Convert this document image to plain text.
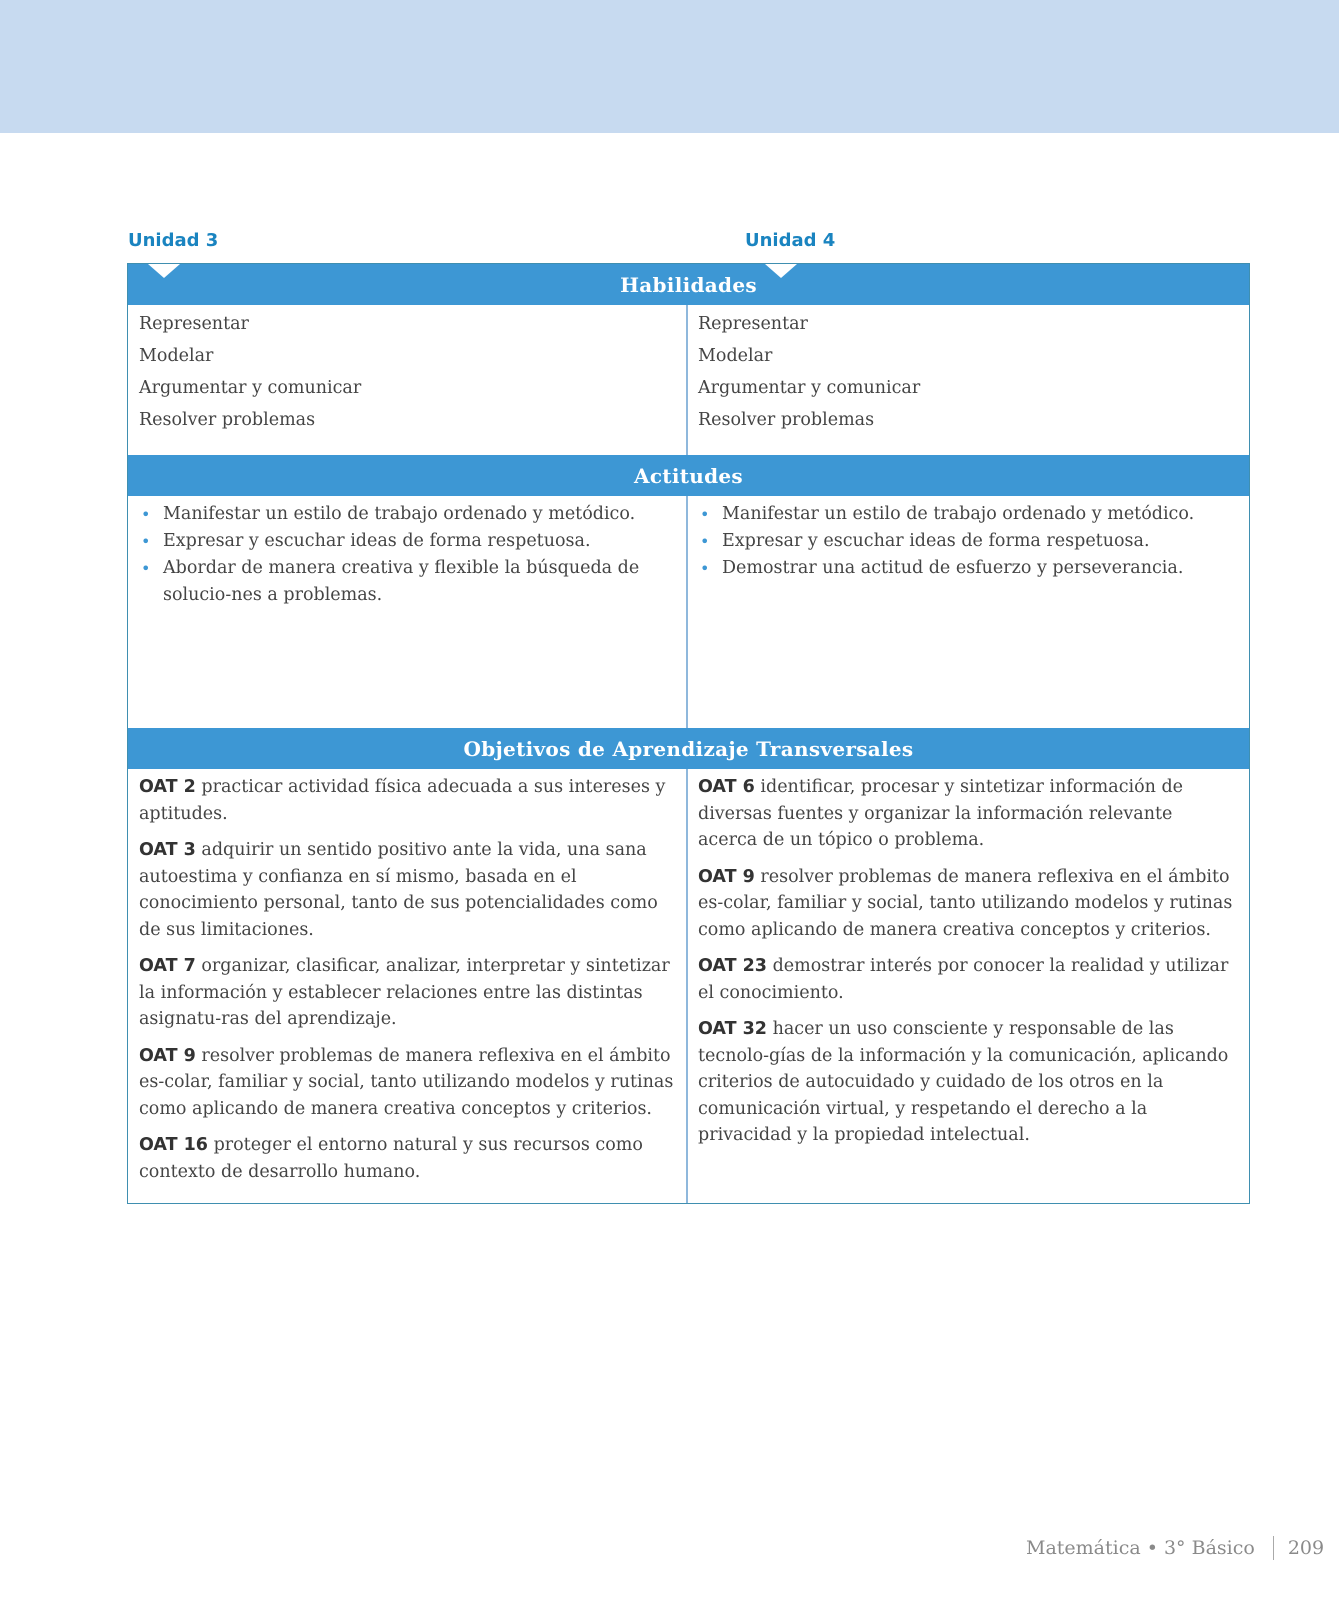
Unidad 3	Unidad 4
Habilidades
Representar
Modelar
Argumentar y comunicar
Resolver problemas
Representar
Modelar
Argumentar y comunicar
Resolver problemas
Actitudes
• Manifestar un estilo de trabajo ordenado y metódico.
• Expresar y escuchar ideas de forma respetuosa.
• Abordar de manera creativa y flexible la búsqueda de solucio-nes a problemas.
• Manifestar un estilo de trabajo ordenado y metódico.
• Expresar y escuchar ideas de forma respetuosa.
• Demostrar una actitud de esfuerzo y perseverancia.
Objetivos de Aprendizaje Transversales

OAT 2 practicar actividad física adecuada a sus intereses y aptitudes.

OAT 3 adquirir un sentido positivo ante la vida, una sana autoestima y confianza en sí mismo, basada en el conocimiento personal, tanto de sus potencialidades como de sus limitaciones.

OAT 7 organizar, clasificar, analizar, interpretar y sintetizar la información y establecer relaciones entre las distintas asignatu-ras del aprendizaje.

OAT 9 resolver problemas de manera reflexiva en el ámbito es-colar, familiar y social, tanto utilizando modelos y rutinas como aplicando de manera creativa conceptos y criterios.

OAT 16 proteger el entorno natural y sus recursos como contexto de desarrollo humano.

OAT 6 identificar, procesar y sintetizar información de diversas fuentes y organizar la información relevante acerca de un tópico o problema.

OAT 9 resolver problemas de manera reflexiva en el ámbito es-colar, familiar y social, tanto utilizando modelos y rutinas como aplicando de manera creativa conceptos y criterios.

OAT 23 demostrar interés por conocer la realidad y utilizar el conocimiento.

OAT 32 hacer un uso consciente y responsable de las tecnolo-gías de la información y la comunicación, aplicando criterios de autocuidado y cuidado de los otros en la comunicación virtual, y respetando el derecho a la privacidad y la propiedad intelectual.

Matemática • 3° Básico 209
